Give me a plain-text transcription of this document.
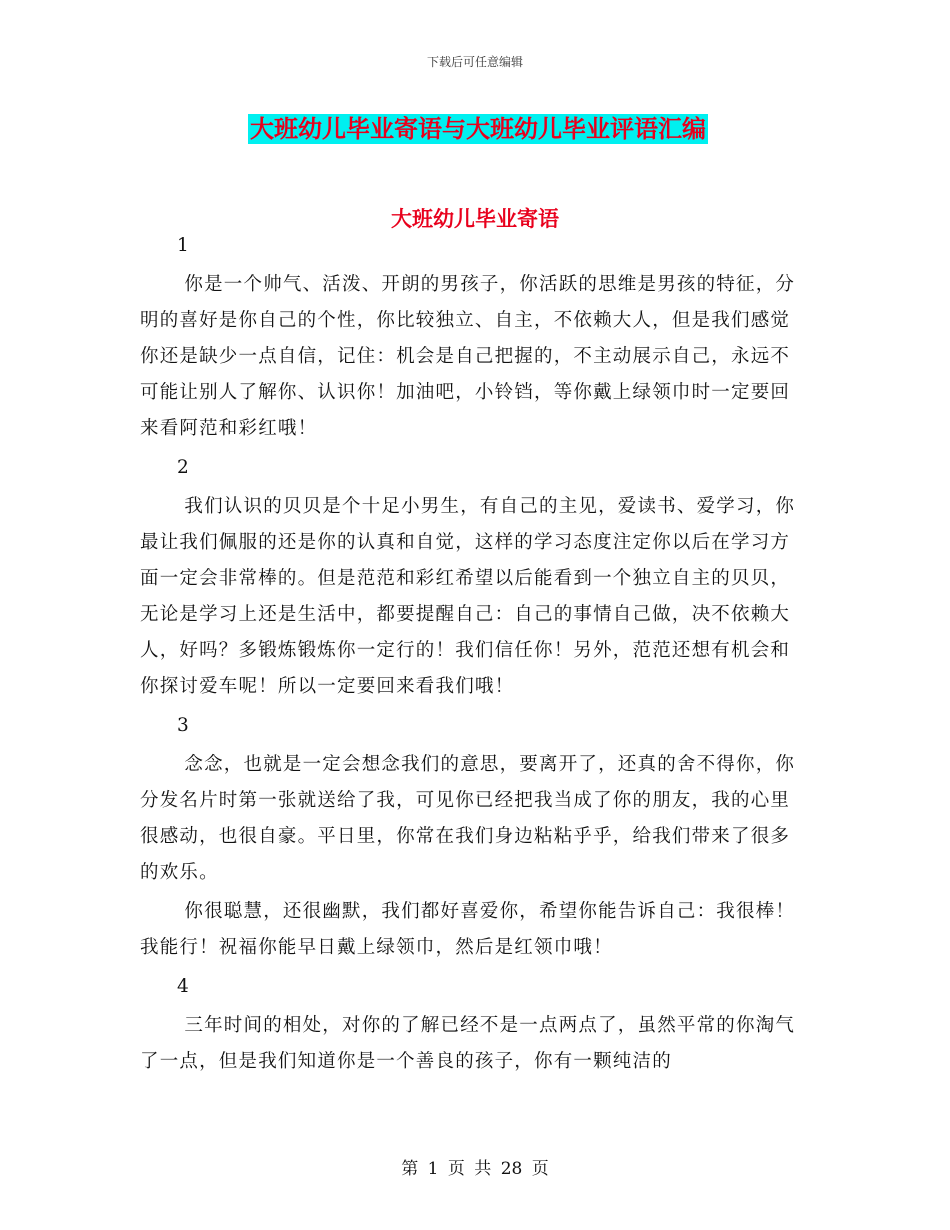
下载后可任意编辑
大班幼儿毕业寄语与大班幼儿毕业评语汇编
大班幼儿毕业寄语

1

你是一个帅气、活泼、开朗的男孩子，你活跃的思维是男孩的特征，分明的喜好是你自己的个性，你比较独立、自主，不依赖大人，但是我们感觉你还是缺少一点自信，记住：机会是自己把握的，不主动展示自己，永远不可能让别人了解你、认识你！加油吧，小铃铛，等你戴上绿领巾时一定要回来看阿范和彩红哦！

2

我们认识的贝贝是个十足小男生，有自己的主见，爱读书、爱学习，你最让我们佩服的还是你的认真和自觉，这样的学习态度注定你以后在学习方面一定会非常棒的。但是范范和彩红希望以后能看到一个独立自主的贝贝，无论是学习上还是生活中，都要提醒自己：自己的事情自己做，决不依赖大人，好吗？多锻炼锻炼你一定行的！我们信任你！另外，范范还想有机会和你探讨爱车呢！所以一定要回来看我们哦！

3

念念，也就是一定会想念我们的意思，要离开了，还真的舍不得你，你分发名片时第一张就送给了我，可见你已经把我当成了你的朋友，我的心里很感动，也很自豪。平日里，你常在我们身边粘粘乎乎，给我们带来了很多的欢乐。

你很聪慧，还很幽默，我们都好喜爱你，希望你能告诉自己：我很棒！我能行！祝福你能早日戴上绿领巾，然后是红领巾哦！

4

三年时间的相处，对你的了解已经不是一点两点了，虽然平常的你淘气了一点，但是我们知道你是一个善良的孩子，你有一颗纯洁的

第 1 页 共 28 页
